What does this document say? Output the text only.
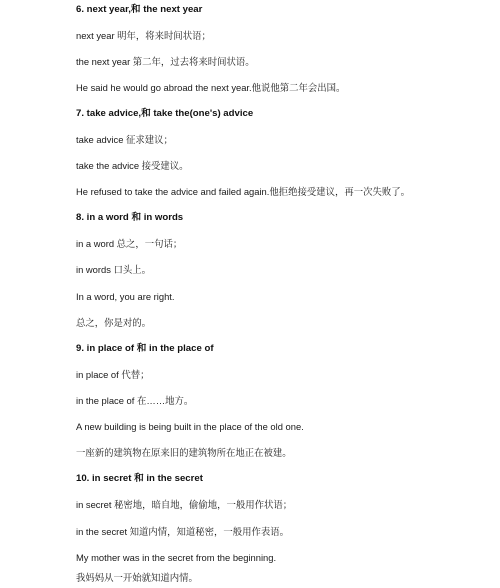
6. next year,和 the next year
next year 明年，将来时间状语；
the next year 第二年，过去将来时间状语。
He said he would go abroad the next year.他说他第二年会出国。
7. take advice,和 take the(one's) advice
take advice 征求建议；
take the advice 接受建议。
He refused to take the advice and failed again.他拒绝接受建议，再一次失败了。
8. in a word 和 in words
in a word 总之，一句话；
in words 口头上。
In a word, you are right.
总之，你是对的。
9. in place of 和 in the place of
in place of 代替；
in the place of 在……地方。
A new building is being built in the place of the old one.
一座新的建筑物在原来旧的建筑物所在地正在被建。
10. in secret 和 in the secret
in secret 秘密地，暗自地，偷偷地，一般用作状语；
in the secret 知道内情，知道秘密，一般用作表语。
My mother was in the secret from the beginning.
我妈妈从一开始就知道内情。
